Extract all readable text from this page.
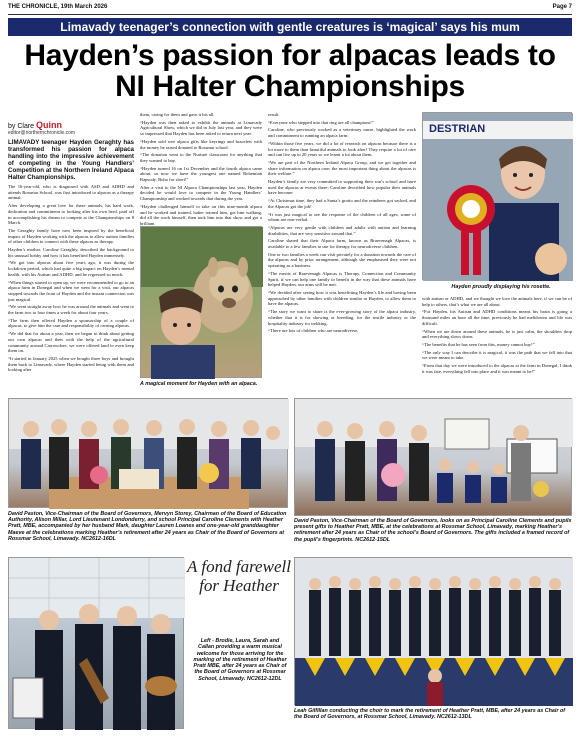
THE CHRONICLE, 19th March 2026	Page 7
Limavady teenager’s connection with gentle creatures is ‘magical’ says his mum
Hayden’s passion for alpacas leads to NI Halter Championships
by Clare Quinn
editor@northernchronicle.com
LIMAVADY teenager Hayden Geraghty has transformed his passion for alpaca handling into the impressive achievement of competing in the Young Handlers’ Competition at the Northern Ireland Alpaca Halter Championships.

The 16-year-old, who is diagnosed with ASD and ADHD and attends Rossmar School, was first introduced to alpacas as a therapy animal.

After developing a great love for these animals, his hard work, dedication and commitment to looking after his own herd, paid off in accomplishing his dream to compete at the Championships on 8 March.

The Geraghty family have now been inspired by the beneficial impact of Hayden working with the alpacas to allow autism families of other children to connect with these alpacas as therapy.

Hayden’s mother, Caroline Geraghty, described the background to his unusual hobby and how it has benefited Hayden immensely.

“We got into alpacas about five years ago, it was during the lockdown period, which had quite a big impact on Hayden’s mental health, with his Autism and ADHD, and he regressed so much.

“When things started to open up, we were recommended to go to an alpaca farm in Donegal and when we went for a visit, our alpacas stopped towards the front of Hayden and the instant connection was just magical.

“We went straight away how he was around the animals and went to the farm two to four times a week for about four years.

“The farm then offered Hayden a sponsorship of a couple of alpacas, to give him the care and responsibility of owning alpacas.

“We did that for about a year, then we began to think about getting our own alpacas and then with the help of the agricultural community around Carrowdore, we were offered land to even keep them on.

“It started in January 2025 when we bought three boys and brought them back to Limavady, where Hayden started being with them and looking after

them, caring for them and gave it his all.

“Hayden was then asked to exhibit the animals at Limavady Agricultural Show, which we did in July last year, and they were so impressed that Hayden has been asked to return next year.

“Hayden sold wee alpaca gifts like keyrings and bracelets with the money he raised donated to Rossmar school.

“The donation went to the Nurture classroom for anything that they wanted to buy.

“Hayden turned 16 on 1st December and the fourth alpaca came about, so now we have the youngest one named Bohemian Rapsody, Boho for short!”

After a visit to the NI Alpaca Championships last year, Hayden decided he would love to compete in the Young Handlers’ Championship and worked towards that during the year.

“Hayden challenged himself to take on this nine-month alpaca and he worked and trained, halter trained him, got him walking, did all the work himself, then took him into that show and got a brilliant

A magical moment for Hayden with an alpaca.

result.

“Everyone who stepped into that ring are all champions!”

Caroline, who previously worked as a veterinary nurse, highlighted the work and commitment to running an alpaca farm:

“Within those five years, we did a lot of research on alpacas because there is a lot more to them than beautiful animals to look after! They require a lot of care and can live up to 20 years so we learnt a lot about them.

“We are part of the Northern Ireland Alpaca Group, and we get together and share information on alpaca care; the most important thing about the alpacas is their welfare.”

Hayden’s family are very committed to supporting their son’s school and have used the alpacas at events there; Caroline described how popular their animals have become:

“At Christmas time, they had a Santa’s grotto and the reindeers got sacked, and the Alpacas got the job!

“It was just magical to see the response of the children of all ages, some of whom are non-verbal.

“Alpacas are very gentle with children and adults with autism and learning disabilities, that are very sensitive around that.”

Caroline shared that their Alpaca farm, known as Braevenagh Alpacas, is available to a few families to use for therapy for neurodiverse children.

One or two families a week can visit privately for a donation towards the care of the alpacas and by prior arrangement, although she emphasised they were not operating as a business.

“The merits of Braevenagh Alpacas is Therapy, Connection and Community Spirit, if we can help one family to benefit in the way that these animals have helped Hayden, our aims will be met.

“We decided after seeing how it was benefitting Hayden’s life and having been approached by other families with children similar to Hayden, to allow them to have the alpacas.

“The story we want to share is the ever-growing story of the alpaca industry, whether that it is for showing or breeding, for the textile industry or the hospitality industry for trekking.

“There are lots of children who are neurodiverse,

DESTRIAN
Hayden proudly displaying his rosette.

with autism or ADHD, and we thought we love the animals here, if we can be of help to others, that’s what we are all about.

“For Hayden, his Autism and ADHD conditions means his brain is going a thousand miles an hour all the time, previously he had meltdowns and life was difficult.

“When we are down around these animals, he is just calm, the shoulders drop and everything slows down.

“The benefits that he has seen from this, money cannot buy!”

“The only way I can describe it is magical, it was the path that we fell into that we were meant to take.

“From that day we were introduced to the alpacas at the farm in Donegal, I think it was fate, everything fell into place and it was meant to be!”

David Paston, Vice-Chairman of the Board of Governors, Mervyn Storey, Chairman of the Board of Education Authority, Alison Millar, Lord Lieutenant Londonderry, and school Principal Caroline Clements with Heather Pratt, MBE, accompanied by her husband Mark, daughter Lauren Loanes and one-year-old granddaughter Maeve at the celebrations marking Heather’s retirement after 24 years as Chair of the Board of Governors at Rossmar School, Limavady. NC2612-16DL
David Paston, Vice-Chairman of the Board of Governors, looks on as Principal Caroline Clements and pupils present gifts to Heather Pratt, MBE, at the celebrations at Rossmar School, Limavady, marking Heather’s retirement after 24 years as Chair of the school’s Board of Governors. The gifts included a framed record of the pupil’s fingerprints. NC2612-15DL
A fond farewell for Heather
Left - Brodie, Laura, Sarah and Callan providing a warm musical welcome for those arriving for the marking of the retirement of Heather Pratt MBE, after 24 years as Chair of the Board of Governors at Rossmar School, Limavady. NC2612-12DL
Leah Gilfillan conducting the choir to mark the retirement of Heather Pratt, MBE, after 24 years as Chair of the Board of Governors, at Rossmar School, Limavady. NC2612-13DL
